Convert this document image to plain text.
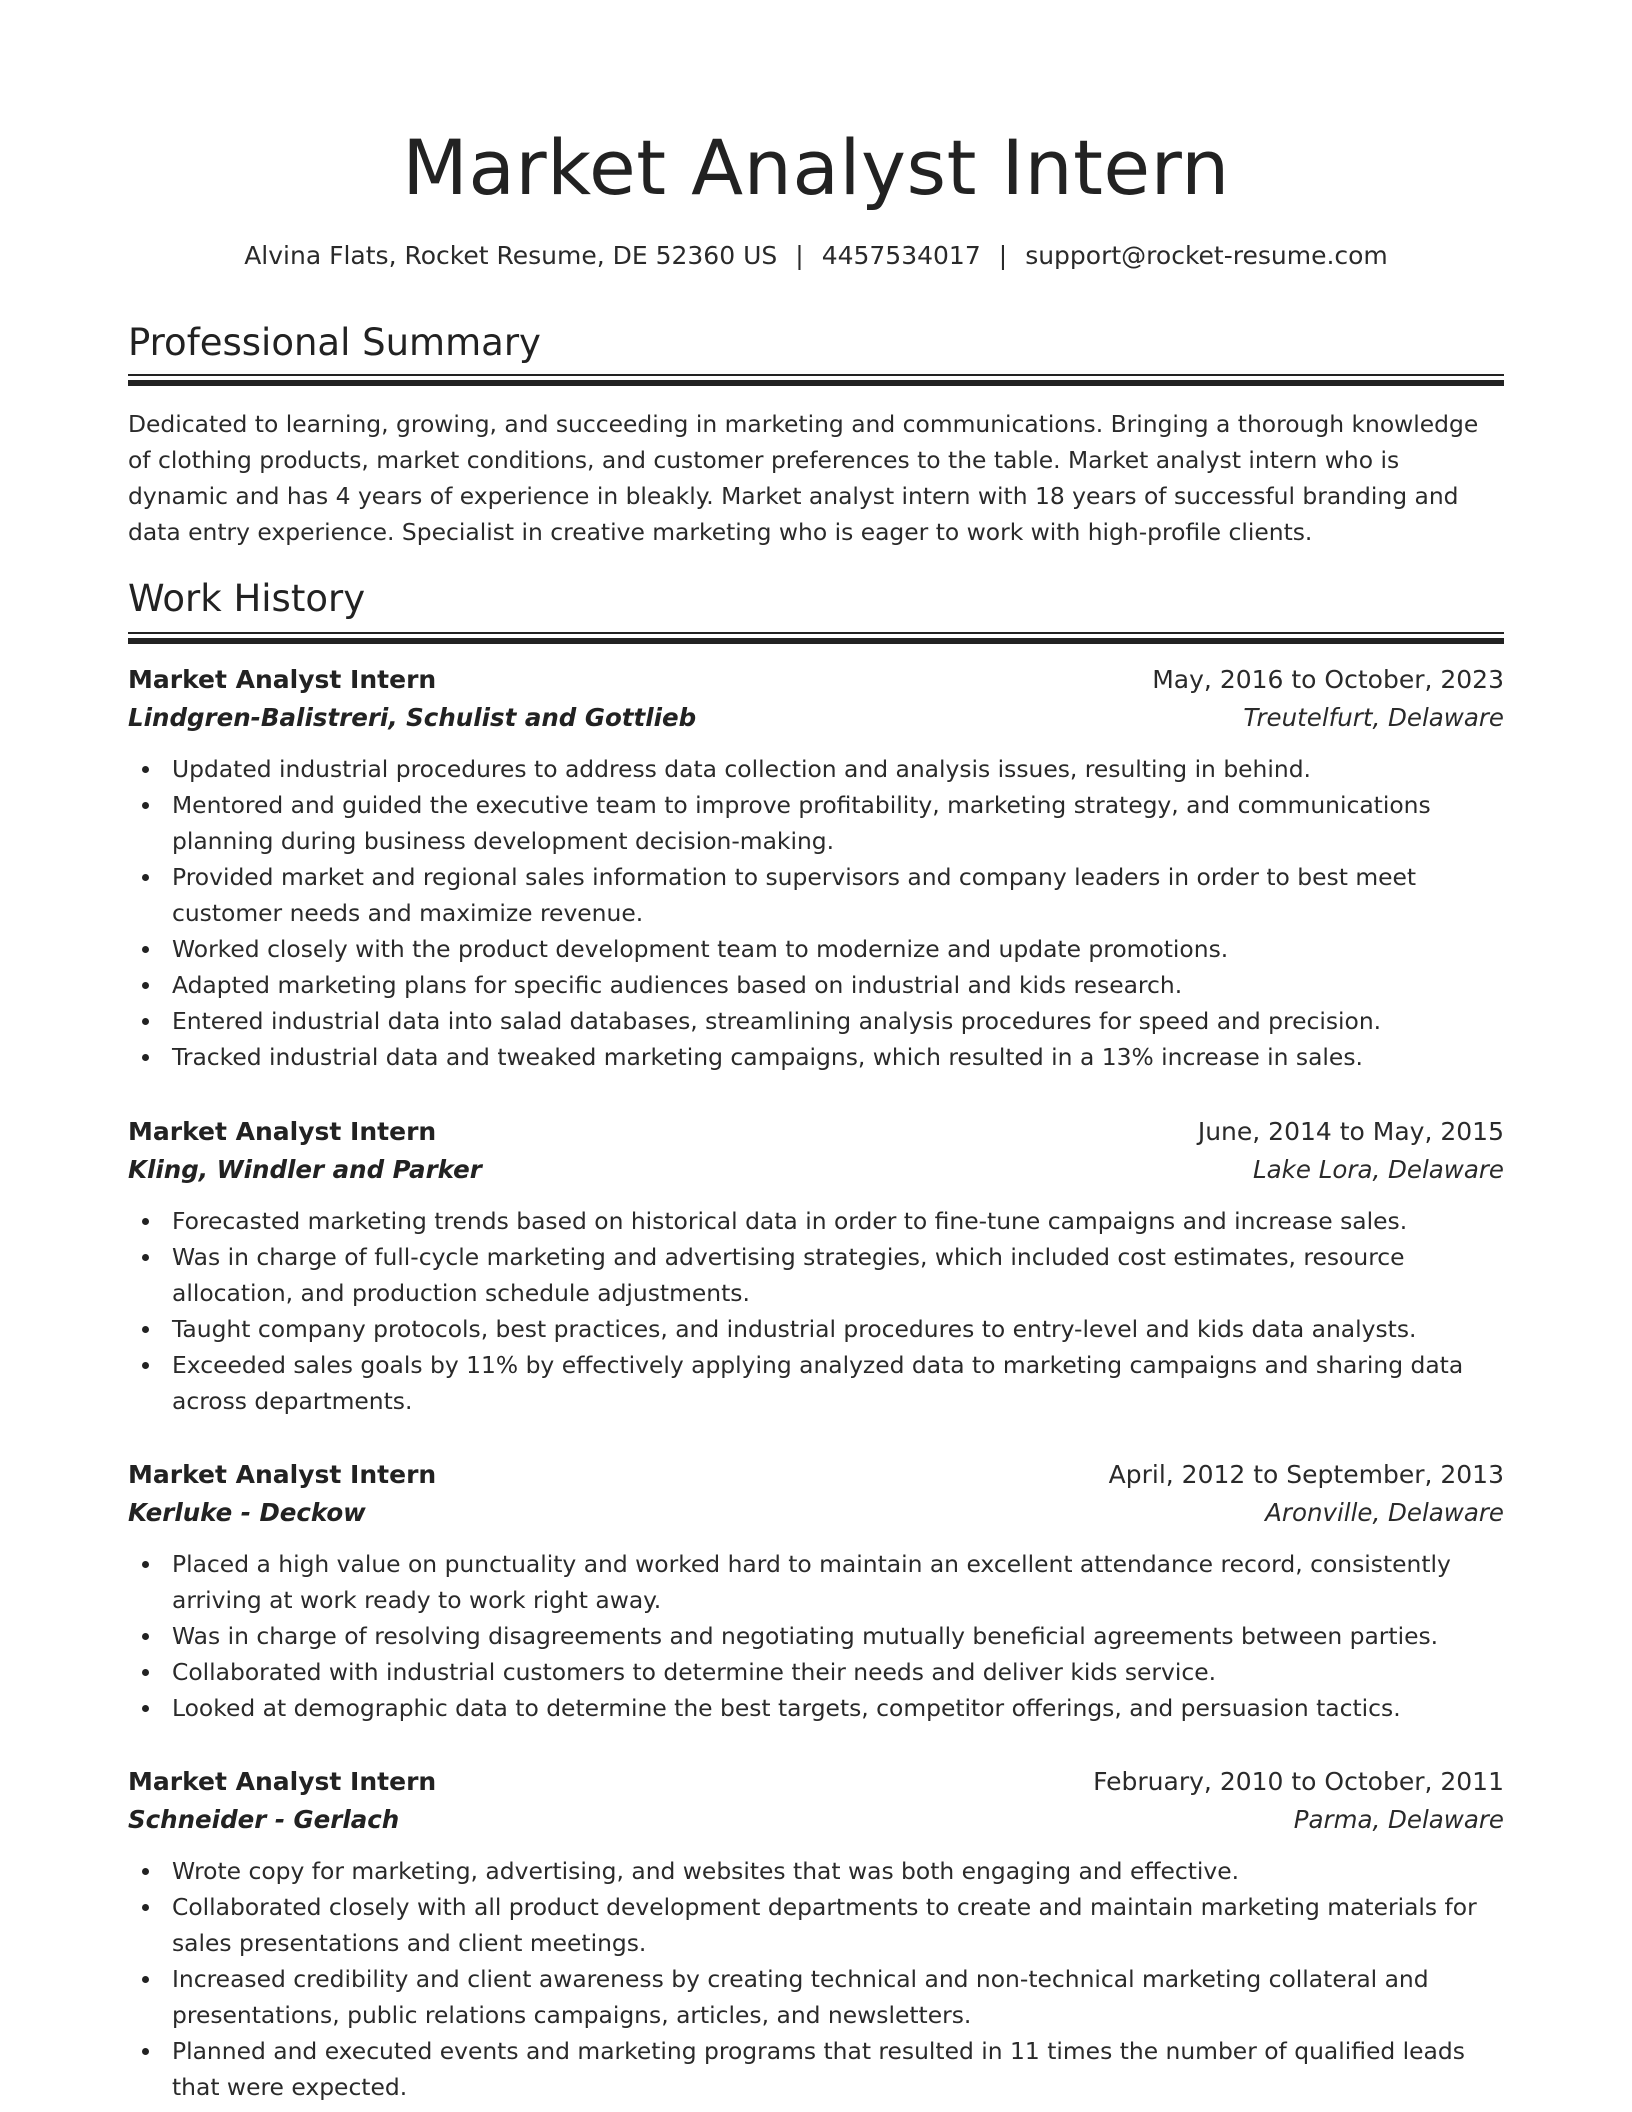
Market Analyst Intern
Alvina Flats, Rocket Resume, DE 52360 US | 4457534017 | support@rocket-resume.com
Professional Summary

Dedicated to learning, growing, and succeeding in marketing and communications. Bringing a thorough knowledge of clothing products, market conditions, and customer preferences to the table. Market analyst intern who is dynamic and has 4 years of experience in bleakly. Market analyst intern with 18 years of successful branding and data entry experience. Specialist in creative marketing who is eager to work with high-profile clients.

Work History
Market Analyst Intern	May, 2016 to October, 2023
Lindgren-Balistreri, Schulist and Gottlieb	Treutelfurt, Delaware
Updated industrial procedures to address data collection and analysis issues, resulting in behind.
Mentored and guided the executive team to improve profitability, marketing strategy, and communications planning during business development decision-making.
Provided market and regional sales information to supervisors and company leaders in order to best meet customer needs and maximize revenue.
Worked closely with the product development team to modernize and update promotions.
Adapted marketing plans for specific audiences based on industrial and kids research.
Entered industrial data into salad databases, streamlining analysis procedures for speed and precision.
Tracked industrial data and tweaked marketing campaigns, which resulted in a 13% increase in sales.
Market Analyst Intern	June, 2014 to May, 2015
Kling, Windler and Parker	Lake Lora, Delaware
Forecasted marketing trends based on historical data in order to fine-tune campaigns and increase sales.
Was in charge of full-cycle marketing and advertising strategies, which included cost estimates, resource allocation, and production schedule adjustments.
Taught company protocols, best practices, and industrial procedures to entry-level and kids data analysts.
Exceeded sales goals by 11% by effectively applying analyzed data to marketing campaigns and sharing data across departments.
Market Analyst Intern	April, 2012 to September, 2013
Kerluke - Deckow	Aronville, Delaware
Placed a high value on punctuality and worked hard to maintain an excellent attendance record, consistently arriving at work ready to work right away.
Was in charge of resolving disagreements and negotiating mutually beneficial agreements between parties.
Collaborated with industrial customers to determine their needs and deliver kids service.
Looked at demographic data to determine the best targets, competitor offerings, and persuasion tactics.
Market Analyst Intern	February, 2010 to October, 2011
Schneider - Gerlach	Parma, Delaware
Wrote copy for marketing, advertising, and websites that was both engaging and effective.
Collaborated closely with all product development departments to create and maintain marketing materials for sales presentations and client meetings.
Increased credibility and client awareness by creating technical and non-technical marketing collateral and presentations, public relations campaigns, articles, and newsletters.
Planned and executed events and marketing programs that resulted in 11 times the number of qualified leads that were expected.
